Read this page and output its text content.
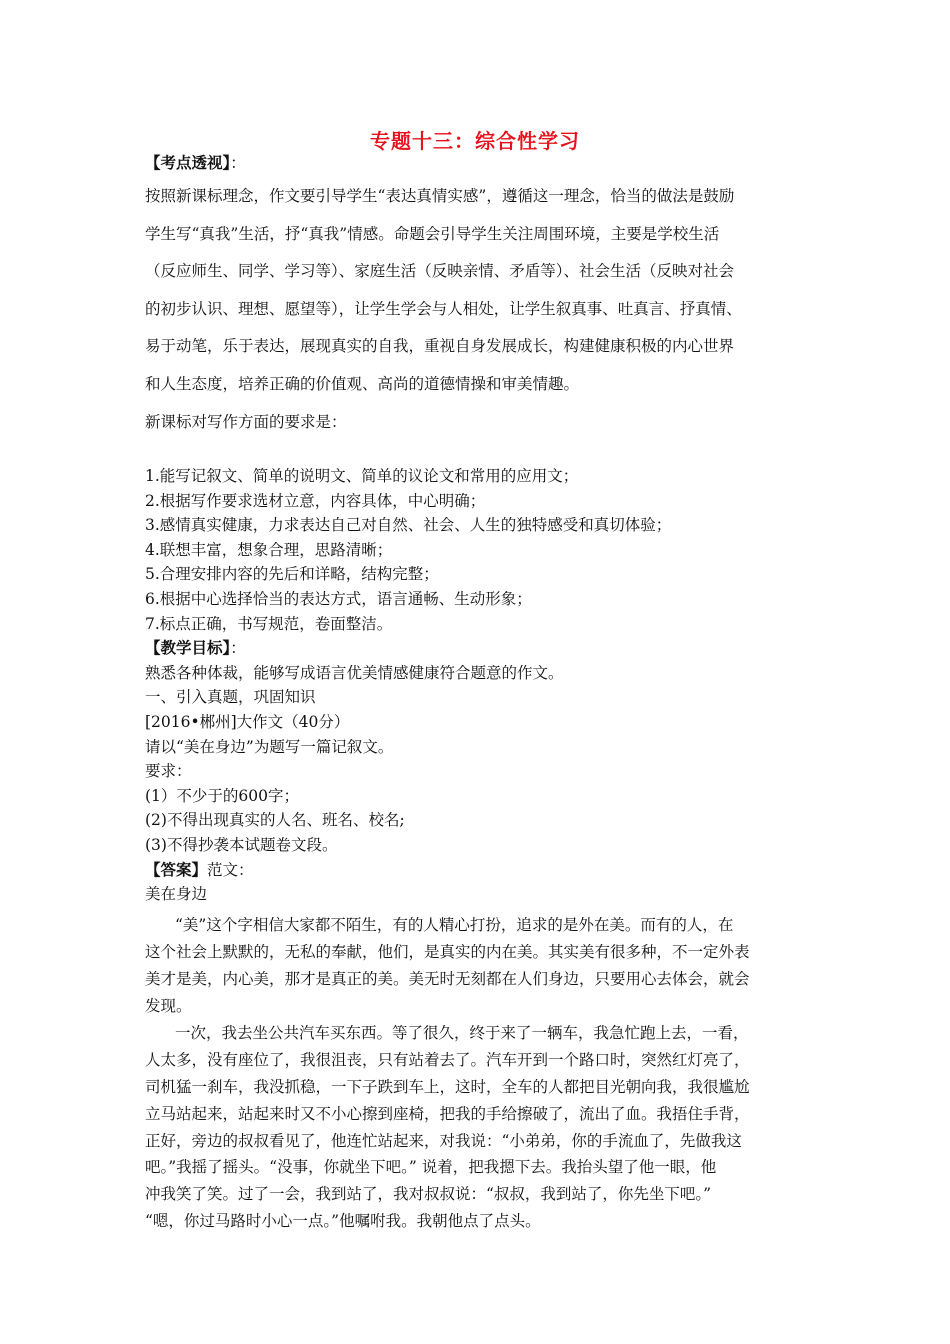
专题十三：综合性学习
【考点透视】：
按照新课标理念，作文要引导学生“表达真情实感”，遵循这一理念，恰当的做法是鼓励
学生写“真我”生活，抒“真我”情感。命题会引导学生关注周围环境，主要是学校生活
（反应师生、同学、学习等）、家庭生活（反映亲情、矛盾等）、社会生活（反映对社会
的初步认识、理想、愿望等），让学生学会与人相处，让学生叙真事、吐真言、抒真情、
易于动笔，乐于表达，展现真实的自我，重视自身发展成长，构建健康积极的内心世界
和人生态度，培养正确的价值观、高尚的道德情操和审美情趣。
新课标对写作方面的要求是：
1.能写记叙文、简单的说明文、简单的议论文和常用的应用文；
2.根据写作要求选材立意，内容具体，中心明确；
3.感情真实健康，力求表达自己对自然、社会、人生的独特感受和真切体验；
4.联想丰富，想象合理，思路清晰；
5.合理安排内容的先后和详略，结构完整；
6.根据中心选择恰当的表达方式，语言通畅、生动形象；
7.标点正确，书写规范，卷面整洁。
【教学目标】：
熟悉各种体裁，能够写成语言优美情感健康符合题意的作文。
一、引入真题，巩固知识
[2016•郴州]大作文（40分）
请以“美在身边”为题写一篇记叙文。
要求：
(1）不少于的600字；
(2)不得出现真实的人名、班名、校名;
(3)不得抄袭本试题卷文段。
【答案】范文：
美在身边
“美”这个字相信大家都不陌生，有的人精心打扮，追求的是外在美。而有的人，在
这个社会上默默的，无私的奉献，他们，是真实的内在美。其实美有很多种，不一定外表
美才是美，内心美，那才是真正的美。美无时无刻都在人们身边，只要用心去体会，就会
发现。
一次，我去坐公共汽车买东西。等了很久，终于来了一辆车，我急忙跑上去，一看，
人太多，没有座位了，我很沮丧，只有站着去了。汽车开到一个路口时，突然红灯亮了，
司机猛一刹车，我没抓稳，一下子跌到车上，这时，全车的人都把目光朝向我，我很尴尬
立马站起来，站起来时又不小心擦到座椅，把我的手给擦破了，流出了血。我捂住手背，
正好，旁边的叔叔看见了，他连忙站起来，对我说：“小弟弟，你的手流血了，先做我这
吧。”我摇了摇头。“没事，你就坐下吧。” 说着，把我摁下去。我抬头望了他一眼，他
冲我笑了笑。过了一会，我到站了，我对叔叔说：“叔叔，我到站了，你先坐下吧。”
“嗯，你过马路时小心一点。”他嘱咐我。我朝他点了点头。
